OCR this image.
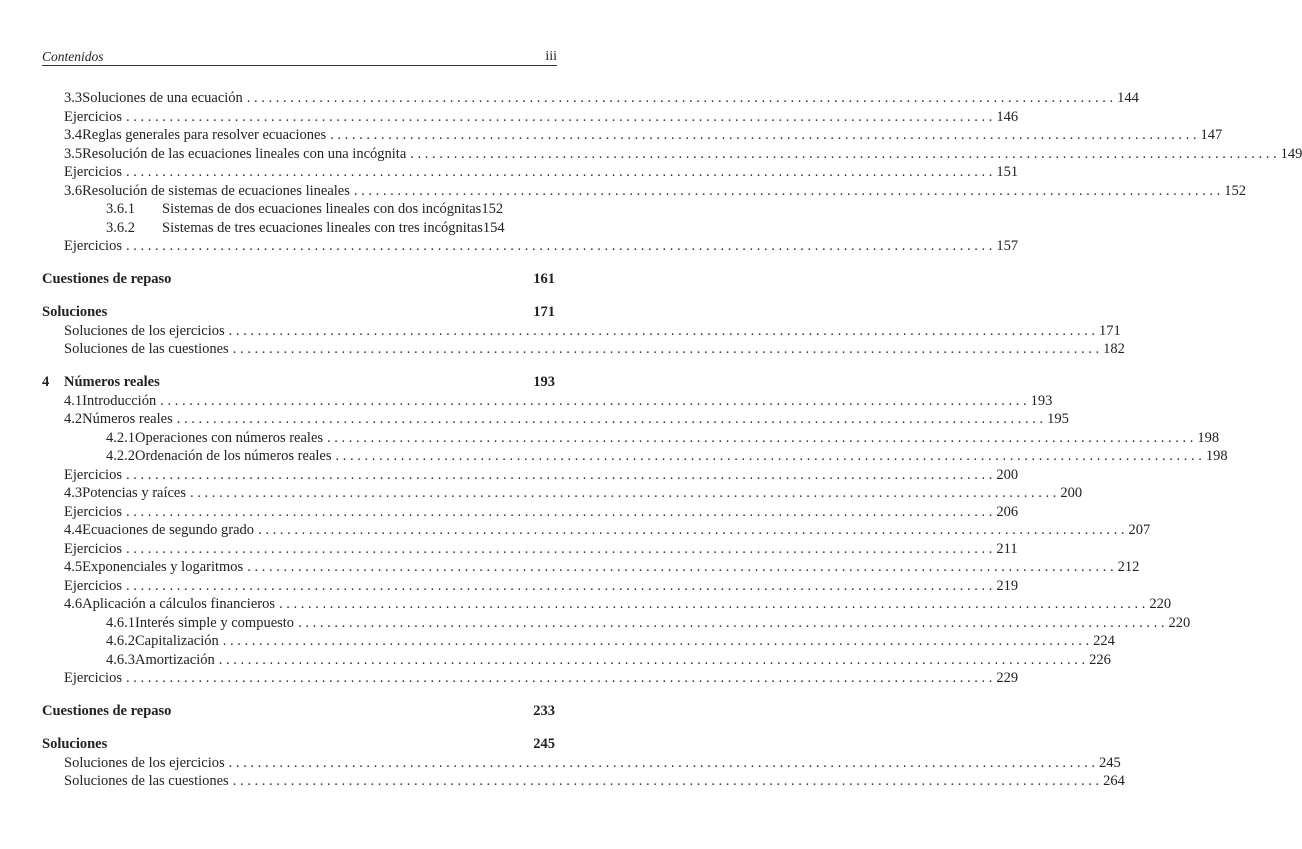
Contenidos	iii
3.3 Soluciones de una ecuación . . . . . . . . . . . . . . . . . . . . . . . . . . . . . . . . . . . . . . . . . . . . . . . . . . . . . . . . . . . . . . . . . . . . . . . . . . . . . . . . . . . . . . . . . . . . . . . . . . . . . . . . . . . . . . . . . . . . . . . . 144
Ejercicios . . . . . . . . . . . . . . . . . . . . . . . . . . . . . . . . . . . . . . . . . . . . . . . . . . . . . . . . . . . . . . . . . . . . . . . . . . . . . . . . . . . . . . . . . . . . . . . . . . . . . . . . . . . . . . . . . . . . . . . . 146
3.4 Reglas generales para resolver ecuaciones . . . . . . . . . . . . . . . . . . . . . . . . . . . . . . . . . . . . . . . . . . . . . . . . . . . . . . . . . . . . . . . . . . . . . . . . . . . . . . . . . . . . . . . . . . . . . . . . . . . . . . . . . . . . . . . . . . . . . . . . 147
3.5 Resolución de las ecuaciones lineales con una incógnita . . . . . . . . . . . . . . . . . . . . . . . . . . . . . . . . . . . . . . . . . . . . . . . . . . . . . . . . . . . . . . . . . . . . . . . . . . . . . . . . . . . . . . . . . . . . . . . . . . . . . . . . . . . . . . . . . . . . . . . . 149
Ejercicios . . . . . . . . . . . . . . . . . . . . . . . . . . . . . . . . . . . . . . . . . . . . . . . . . . . . . . . . . . . . . . . . . . . . . . . . . . . . . . . . . . . . . . . . . . . . . . . . . . . . . . . . . . . . . . . . . . . . . . . . 151
3.6 Resolución de sistemas de ecuaciones lineales . . . . . . . . . . . . . . . . . . . . . . . . . . . . . . . . . . . . . . . . . . . . . . . . . . . . . . . . . . . . . . . . . . . . . . . . . . . . . . . . . . . . . . . . . . . . . . . . . . . . . . . . . . . . . . . . . . . . . . . . 152
3.6.1	Sistemas de dos ecuaciones lineales con dos incógnitas 152
3.6.2	Sistemas de tres ecuaciones lineales con tres incógnitas 154
Ejercicios . . . . . . . . . . . . . . . . . . . . . . . . . . . . . . . . . . . . . . . . . . . . . . . . . . . . . . . . . . . . . . . . . . . . . . . . . . . . . . . . . . . . . . . . . . . . . . . . . . . . . . . . . . . . . . . . . . . . . . . . 157
Cuestiones de repaso	161
Soluciones	171
Soluciones de los ejercicios . . . . . . . . . . . . . . . . . . . . . . . . . . . . . . . . . . . . . . . . . . . . . . . . . . . . . . . . . . . . . . . . . . . . . . . . . . . . . . . . . . . . . . . . . . . . . . . . . . . . . . . . . . . . . . . . . . . . . . . . 171
Soluciones de las cuestiones . . . . . . . . . . . . . . . . . . . . . . . . . . . . . . . . . . . . . . . . . . . . . . . . . . . . . . . . . . . . . . . . . . . . . . . . . . . . . . . . . . . . . . . . . . . . . . . . . . . . . . . . . . . . . . . . . . . . . . . . 182
4	Números reales	193
4.1 Introducción . . . . . . . . . . . . . . . . . . . . . . . . . . . . . . . . . . . . . . . . . . . . . . . . . . . . . . . . . . . . . . . . . . . . . . . . . . . . . . . . . . . . . . . . . . . . . . . . . . . . . . . . . . . . . . . . . . . . . . . . 193
4.2 Números reales . . . . . . . . . . . . . . . . . . . . . . . . . . . . . . . . . . . . . . . . . . . . . . . . . . . . . . . . . . . . . . . . . . . . . . . . . . . . . . . . . . . . . . . . . . . . . . . . . . . . . . . . . . . . . . . . . . . . . . . . 195
4.2.1 Operaciones con números reales . . . . . . . . . . . . . . . . . . . . . . . . . . . . . . . . . . . . . . . . . . . . . . . . . . . . . . . . . . . . . . . . . . . . . . . . . . . . . . . . . . . . . . . . . . . . . . . . . . . . . . . . . . . . . . . . . . . . . . . . 198
4.2.2 Ordenación de los números reales . . . . . . . . . . . . . . . . . . . . . . . . . . . . . . . . . . . . . . . . . . . . . . . . . . . . . . . . . . . . . . . . . . . . . . . . . . . . . . . . . . . . . . . . . . . . . . . . . . . . . . . . . . . . . . . . . . . . . . . . 198
Ejercicios . . . . . . . . . . . . . . . . . . . . . . . . . . . . . . . . . . . . . . . . . . . . . . . . . . . . . . . . . . . . . . . . . . . . . . . . . . . . . . . . . . . . . . . . . . . . . . . . . . . . . . . . . . . . . . . . . . . . . . . . 200
4.3 Potencias y raíces . . . . . . . . . . . . . . . . . . . . . . . . . . . . . . . . . . . . . . . . . . . . . . . . . . . . . . . . . . . . . . . . . . . . . . . . . . . . . . . . . . . . . . . . . . . . . . . . . . . . . . . . . . . . . . . . . . . . . . . . 200
Ejercicios . . . . . . . . . . . . . . . . . . . . . . . . . . . . . . . . . . . . . . . . . . . . . . . . . . . . . . . . . . . . . . . . . . . . . . . . . . . . . . . . . . . . . . . . . . . . . . . . . . . . . . . . . . . . . . . . . . . . . . . . 206
4.4 Ecuaciones de segundo grado . . . . . . . . . . . . . . . . . . . . . . . . . . . . . . . . . . . . . . . . . . . . . . . . . . . . . . . . . . . . . . . . . . . . . . . . . . . . . . . . . . . . . . . . . . . . . . . . . . . . . . . . . . . . . . . . . . . . . . . . 207
Ejercicios . . . . . . . . . . . . . . . . . . . . . . . . . . . . . . . . . . . . . . . . . . . . . . . . . . . . . . . . . . . . . . . . . . . . . . . . . . . . . . . . . . . . . . . . . . . . . . . . . . . . . . . . . . . . . . . . . . . . . . . . 211
4.5 Exponenciales y logaritmos . . . . . . . . . . . . . . . . . . . . . . . . . . . . . . . . . . . . . . . . . . . . . . . . . . . . . . . . . . . . . . . . . . . . . . . . . . . . . . . . . . . . . . . . . . . . . . . . . . . . . . . . . . . . . . . . . . . . . . . . 212
Ejercicios . . . . . . . . . . . . . . . . . . . . . . . . . . . . . . . . . . . . . . . . . . . . . . . . . . . . . . . . . . . . . . . . . . . . . . . . . . . . . . . . . . . . . . . . . . . . . . . . . . . . . . . . . . . . . . . . . . . . . . . . 219
4.6 Aplicación a cálculos financieros . . . . . . . . . . . . . . . . . . . . . . . . . . . . . . . . . . . . . . . . . . . . . . . . . . . . . . . . . . . . . . . . . . . . . . . . . . . . . . . . . . . . . . . . . . . . . . . . . . . . . . . . . . . . . . . . . . . . . . . . 220
4.6.1 Interés simple y compuesto . . . . . . . . . . . . . . . . . . . . . . . . . . . . . . . . . . . . . . . . . . . . . . . . . . . . . . . . . . . . . . . . . . . . . . . . . . . . . . . . . . . . . . . . . . . . . . . . . . . . . . . . . . . . . . . . . . . . . . . . 220
4.6.2 Capitalización . . . . . . . . . . . . . . . . . . . . . . . . . . . . . . . . . . . . . . . . . . . . . . . . . . . . . . . . . . . . . . . . . . . . . . . . . . . . . . . . . . . . . . . . . . . . . . . . . . . . . . . . . . . . . . . . . . . . . . . . 224
4.6.3 Amortización . . . . . . . . . . . . . . . . . . . . . . . . . . . . . . . . . . . . . . . . . . . . . . . . . . . . . . . . . . . . . . . . . . . . . . . . . . . . . . . . . . . . . . . . . . . . . . . . . . . . . . . . . . . . . . . . . . . . . . . . 226
Ejercicios . . . . . . . . . . . . . . . . . . . . . . . . . . . . . . . . . . . . . . . . . . . . . . . . . . . . . . . . . . . . . . . . . . . . . . . . . . . . . . . . . . . . . . . . . . . . . . . . . . . . . . . . . . . . . . . . . . . . . . . . 229
Cuestiones de repaso	233
Soluciones	245
Soluciones de los ejercicios . . . . . . . . . . . . . . . . . . . . . . . . . . . . . . . . . . . . . . . . . . . . . . . . . . . . . . . . . . . . . . . . . . . . . . . . . . . . . . . . . . . . . . . . . . . . . . . . . . . . . . . . . . . . . . . . . . . . . . . . 245
Soluciones de las cuestiones . . . . . . . . . . . . . . . . . . . . . . . . . . . . . . . . . . . . . . . . . . . . . . . . . . . . . . . . . . . . . . . . . . . . . . . . . . . . . . . . . . . . . . . . . . . . . . . . . . . . . . . . . . . . . . . . . . . . . . . . 264
